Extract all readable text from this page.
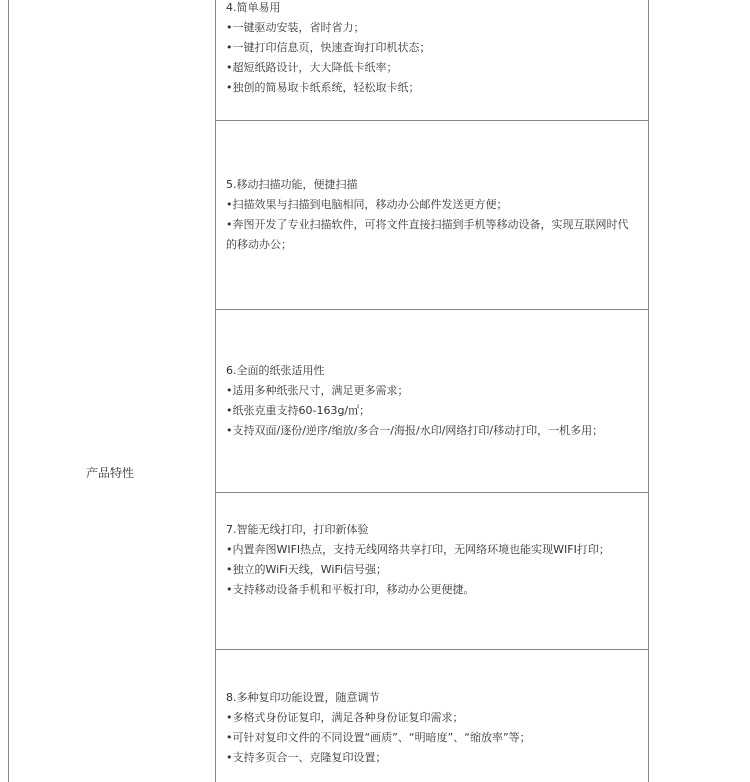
产品特性
4.简单易用
•一键驱动安装，省时省力；
•一键打印信息页，快速查询打印机状态；
•超短纸路设计，大大降低卡纸率；
•独创的简易取卡纸系统，轻松取卡纸；
5.移动扫描功能，便捷扫描
•扫描效果与扫描到电脑相同，移动办公邮件发送更方便；
•奔图开发了专业扫描软件，可将文件直接扫描到手机等移动设备，实现互联网时代的移动办公；
6.全面的纸张适用性
•适用多种纸张尺寸，满足更多需求；
•纸张克重支持60-163g/㎡；
•支持双面/逐份/逆序/缩放/多合一/海报/水印/网络打印/移动打印，一机多用；
7.智能无线打印，打印新体验
•内置奔图WIFI热点，支持无线网络共享打印，无网络环境也能实现WIFI打印；
•独立的WiFi天线，WiFi信号强；
•支持移动设备手机和平板打印，移动办公更便捷。
8.多种复印功能设置，随意调节
•多格式身份证复印，满足各种身份证复印需求；
•可针对复印文件的不同设置“画质”、“明暗度”、“缩放率”等；
•支持多页合一、克隆复印设置；
